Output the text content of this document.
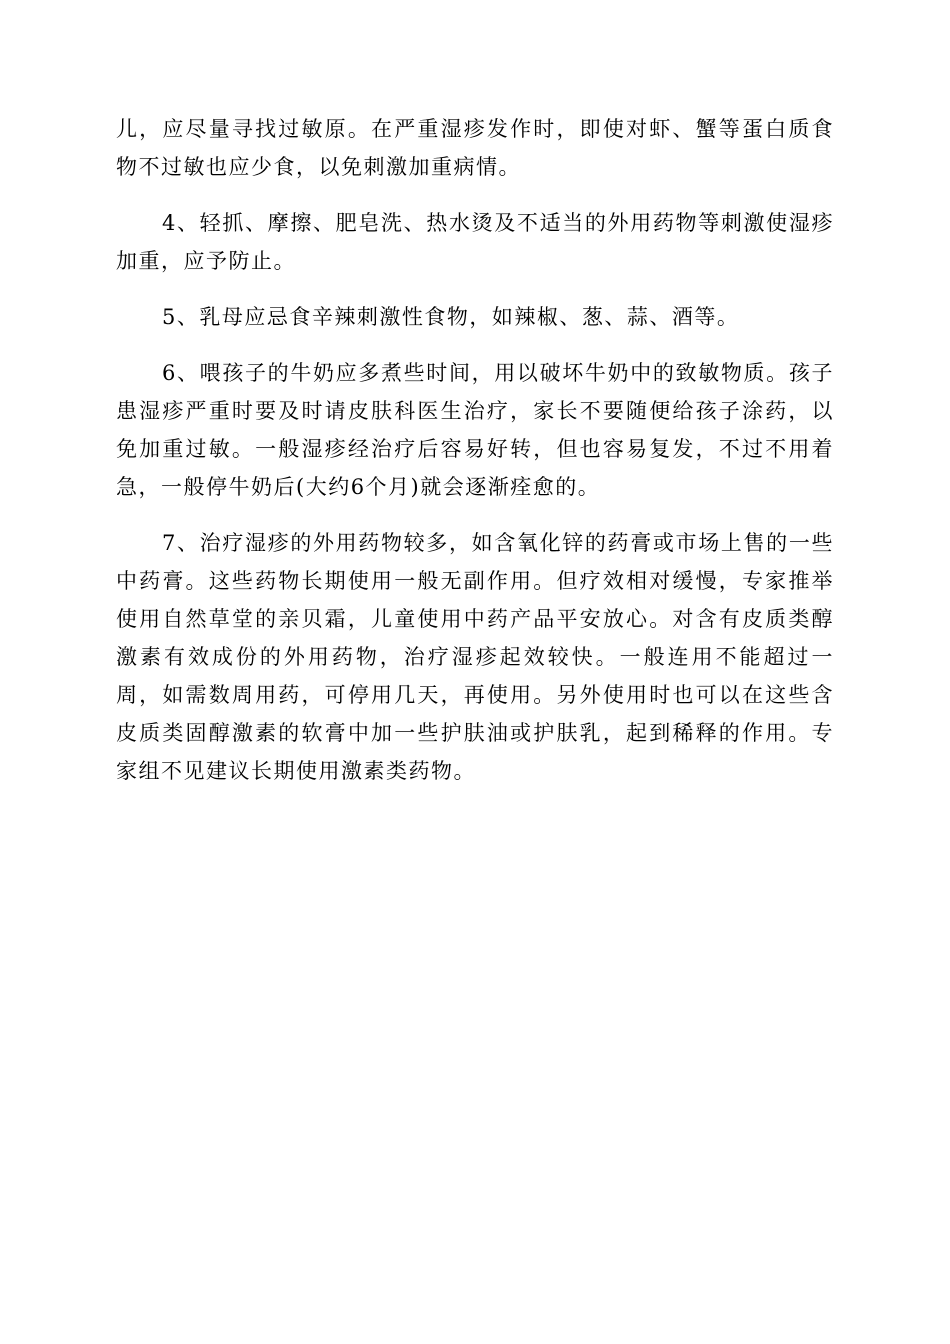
儿，应尽量寻找过敏原。在严重湿疹发作时，即使对虾、蟹等蛋白质食物不过敏也应少食，以免刺激加重病情。

4、轻抓、摩擦、肥皂洗、热水烫及不适当的外用药物等刺激使湿疹加重，应予防止。

5、乳母应忌食辛辣刺激性食物，如辣椒、葱、蒜、酒等。

6、喂孩子的牛奶应多煮些时间，用以破坏牛奶中的致敏物质。孩子患湿疹严重时要及时请皮肤科医生治疗，家长不要随便给孩子涂药，以免加重过敏。一般湿疹经治疗后容易好转，但也容易复发，不过不用着急，一般停牛奶后(大约6个月)就会逐渐痊愈的。

7、治疗湿疹的外用药物较多，如含氧化锌的药膏或市场上售的一些中药膏。这些药物长期使用一般无副作用。但疗效相对缓慢，专家推举使用自然草堂的亲贝霜，儿童使用中药产品平安放心。对含有皮质类醇激素有效成份的外用药物，治疗湿疹起效较快。一般连用不能超过一周，如需数周用药，可停用几天，再使用。另外使用时也可以在这些含皮质类固醇激素的软膏中加一些护肤油或护肤乳，起到稀释的作用。专家组不见建议长期使用激素类药物。
